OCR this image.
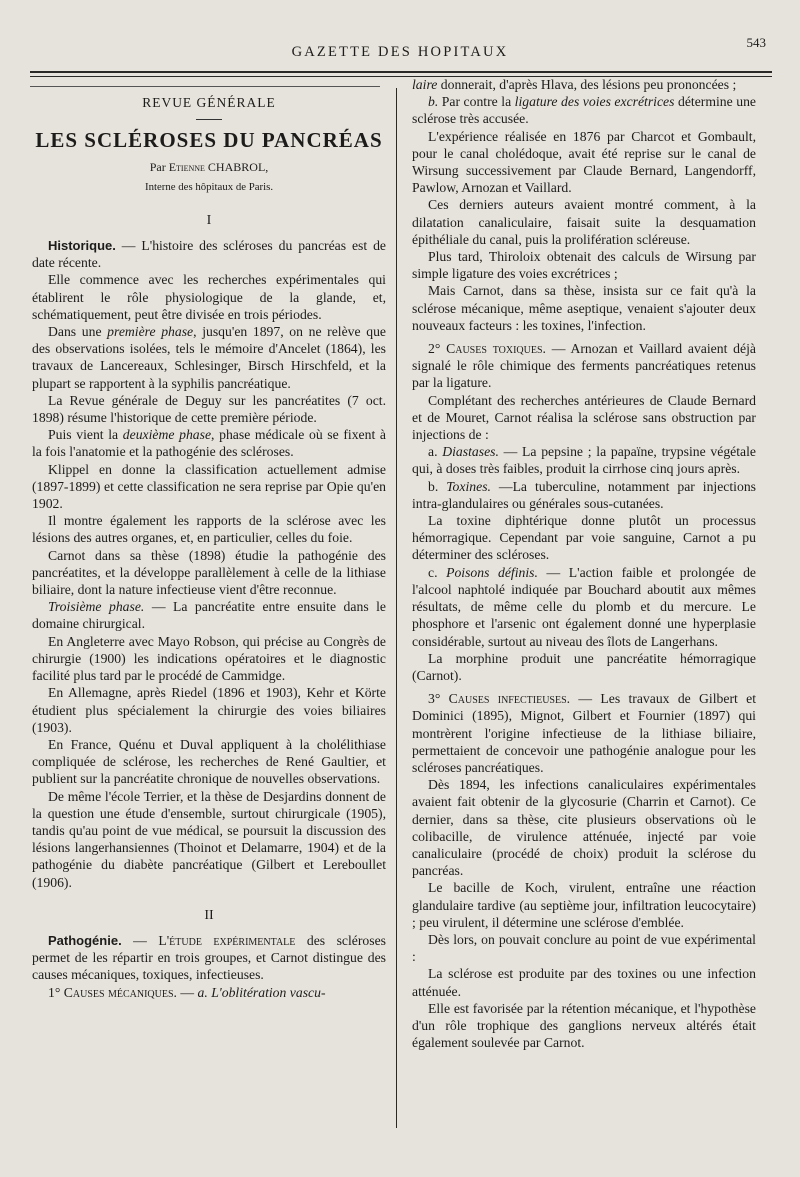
GAZETTE DES HOPITAUX
543
REVUE GÉNÉRALE
LES SCLÉROSES DU PANCRÉAS
Par Etienne CHABROL,
Interne des hôpitaux de Paris.
I

Historique. — L'histoire des scléroses du pancréas est de date récente.

Elle commence avec les recherches expérimentales qui établirent le rôle physiologique de la glande, et, schématiquement, peut être divisée en trois périodes.

Dans une première phase, jusqu'en 1897, on ne relève que des observations isolées, tels le mémoire d'Ancelet (1864), les travaux de Lancereaux, Schlesinger, Birsch Hirschfeld, et la plupart se rapportent à la syphilis pancréatique.

La Revue générale de Deguy sur les pancréatites (7 oct. 1898) résume l'historique de cette première période.

Puis vient la deuxième phase, phase médicale où se fixent à la fois l'anatomie et la pathogénie des scléroses.

Klippel en donne la classification actuellement admise (1897-1899) et cette classification ne sera reprise par Opie qu'en 1902.

Il montre également les rapports de la sclérose avec les lésions des autres organes, et, en particulier, celles du foie.

Carnot dans sa thèse (1898) étudie la pathogénie des pancréatites, et la développe parallèlement à celle de la lithiase biliaire, dont la nature infectieuse vient d'être reconnue.

Troisième phase. — La pancréatite entre ensuite dans le domaine chirurgical.

En Angleterre avec Mayo Robson, qui précise au Congrès de chirurgie (1900) les indications opératoires et le diagnostic facilité plus tard par le procédé de Cammidge.

En Allemagne, après Riedel (1896 et 1903), Kehr et Körte étudient plus spécialement la chirurgie des voies biliaires (1903).

En France, Quénu et Duval appliquent à la cholélithiase compliquée de sclérose, les recherches de René Gaultier, et publient sur la pancréatite chronique de nouvelles observations.

De même l'école Terrier, et la thèse de Desjardins donnent de la question une étude d'ensemble, surtout chirurgicale (1905), tandis qu'au point de vue médical, se poursuit la discussion des lésions langerhansiennes (Thoinot et Delamarre, 1904) et de la pathogénie du diabète pancréatique (Gilbert et Lereboullet (1906).

II

Pathogénie. — L'étude expérimentale des scléroses permet de les répartir en trois groupes, et Carnot distingue des causes mécaniques, toxiques, infectieuses.

1° Causes mécaniques. — a. L'oblitération vascu-

laire donnerait, d'après Hlava, des lésions peu prononcées ;

b. Par contre la ligature des voies excrétrices détermine une sclérose très accusée.

L'expérience réalisée en 1876 par Charcot et Gombault, pour le canal cholédoque, avait été reprise sur le canal de Wirsung successivement par Claude Bernard, Langendorff, Pawlow, Arnozan et Vaillard.

Ces derniers auteurs avaient montré comment, à la dilatation canaliculaire, faisait suite la desquamation épithéliale du canal, puis la prolifération scléreuse.

Plus tard, Thiroloix obtenait des calculs de Wirsung par simple ligature des voies excrétrices ;

Mais Carnot, dans sa thèse, insista sur ce fait qu'à la sclérose mécanique, même aseptique, venaient s'ajouter deux nouveaux facteurs : les toxines, l'infection.

2° Causes toxiques. — Arnozan et Vaillard avaient déjà signalé le rôle chimique des ferments pancréatiques retenus par la ligature.

Complétant des recherches antérieures de Claude Bernard et de Mouret, Carnot réalisa la sclérose sans obstruction par injections de :

a. Diastases. — La pepsine ; la papaïne, trypsine végétale qui, à doses très faibles, produit la cirrhose cinq jours après.

b. Toxines. —La tuberculine, notamment par injections intra-glandulaires ou générales sous-cutanées.

La toxine diphtérique donne plutôt un processus hémorragique. Cependant par voie sanguine, Carnot a pu déterminer des scléroses.

c. Poisons définis. — L'action faible et prolongée de l'alcool naphtolé indiquée par Bouchard aboutit aux mêmes résultats, de même celle du plomb et du mercure. Le phosphore et l'arsenic ont également donné une hyperplasie considérable, surtout au niveau des îlots de Langerhans.

La morphine produit une pancréatite hémorragique (Carnot).

3° Causes infectieuses. — Les travaux de Gilbert et Dominici (1895), Mignot, Gilbert et Fournier (1897) qui montrèrent l'origine infectieuse de la lithiase biliaire, permettaient de concevoir une pathogénie analogue pour les scléroses pancréatiques.

Dès 1894, les infections canaliculaires expérimentales avaient fait obtenir de la glycosurie (Charrin et Carnot). Ce dernier, dans sa thèse, cite plusieurs observations où le colibacille, de virulence atténuée, injecté par voie canaliculaire (procédé de choix) produit la sclérose du pancréas.

Le bacille de Koch, virulent, entraîne une réaction glandulaire tardive (au septième jour, infiltration leucocytaire) ; peu virulent, il détermine une sclérose d'emblée.

Dès lors, on pouvait conclure au point de vue expérimental :

La sclérose est produite par des toxines ou une infection atténuée.

Elle est favorisée par la rétention mécanique, et l'hypothèse d'un rôle trophique des ganglions nerveux altérés était également soulevée par Carnot.
